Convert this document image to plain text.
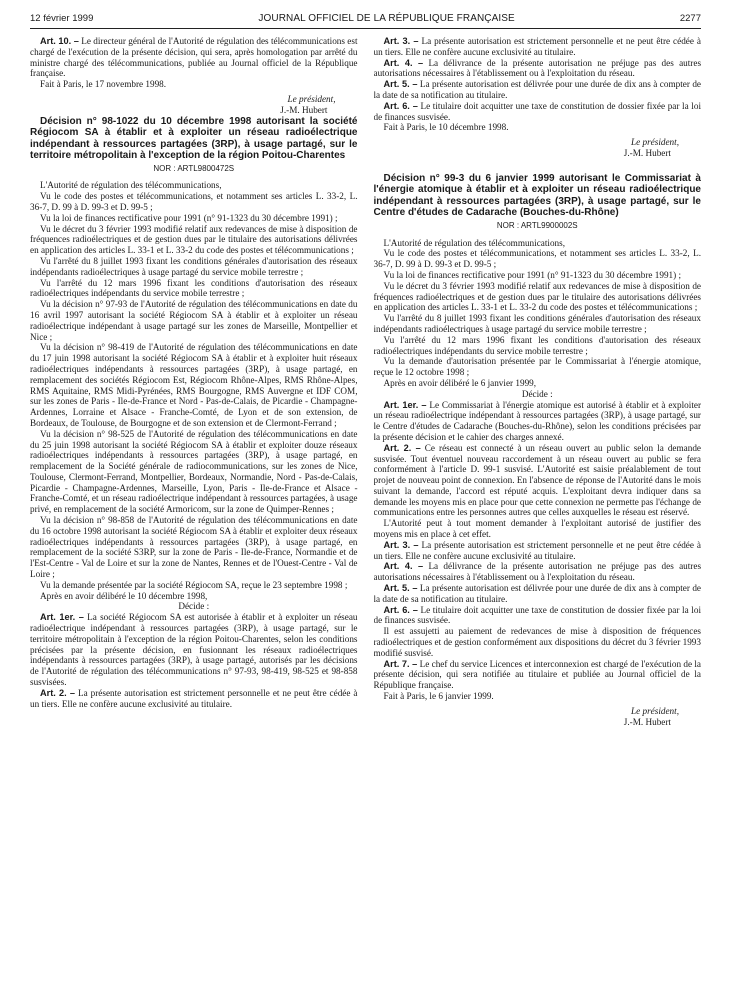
12 février 1999	JOURNAL OFFICIEL DE LA RÉPUBLIQUE FRANÇAISE	2277

Art. 10. – Le directeur général de l'Autorité de régulation des télécommunications est chargé de l'exécution de la présente décision, qui sera, après homologation par arrêté du ministre chargé des télécommunications, publiée au Journal officiel de la République française.

Fait à Paris, le 17 novembre 1998.

Le président,
J.-M. Hubert

Décision n° 98-1022 du 10 décembre 1998 autorisant la société Régiocom SA à établir et à exploiter un réseau radioélectrique indépendant à ressources partagées (3RP), à usage partagé, sur le territoire métropolitain à l'exception de la région Poitou-Charentes

NOR : ARTL9800472S

L'Autorité de régulation des télécommunications,

Vu le code des postes et télécommunications, et notamment ses articles L. 33-2, L. 36-7, D. 99 à D. 99-3 et D. 99-5 ;

Vu la loi de finances rectificative pour 1991 (n° 91-1323 du 30 décembre 1991) ;

Vu le décret du 3 février 1993 modifié relatif aux redevances de mise à disposition de fréquences radioélectriques et de gestion dues par le titulaire des autorisations délivrées en application des articles L. 33-1 et L. 33-2 du code des postes et télécommunications ;

Vu l'arrêté du 8 juillet 1993 fixant les conditions générales d'autorisation des réseaux indépendants radioélectriques à usage partagé du service mobile terrestre ;

Vu l'arrêté du 12 mars 1996 fixant les conditions d'autorisation des réseaux radioélectriques indépendants du service mobile terrestre ;

Vu la décision n° 97-93 de l'Autorité de régulation des télécommunications en date du 16 avril 1997 autorisant la société Régiocom SA à établir et à exploiter un réseau radioélectrique indépendant à usage partagé sur les zones de Marseille, Montpellier et Nice ;

Vu la décision n° 98-419 de l'Autorité de régulation des télécommunications en date du 17 juin 1998 autorisant la société Régiocom SA à établir et à exploiter huit réseaux radioélectriques indépendants à ressources partagées (3RP), à usage partagé, en remplacement des sociétés Régiocom Est, Régiocom Rhône-Alpes, RMS Rhône-Alpes, RMS Aquitaine, RMS Midi-Pyrénées, RMS Bourgogne, RMS Auvergne et IDF COM, sur les zones de Paris - Ile-de-France et Nord - Pas-de-Calais, de Picardie - Champagne-Ardennes, Lorraine et Alsace - Franche-Comté, de Lyon et de son extension, de Bordeaux, de Toulouse, de Bourgogne et de son extension et de Clermont-Ferrand ;

Vu la décision n° 98-525 de l'Autorité de régulation des télécommunications en date du 25 juin 1998 autorisant la société Régiocom SA à établir et exploiter douze réseaux radioélectriques indépendants à ressources partagées (3RP), à usage partagé, en remplacement de la Société générale de radiocommunications, sur les zones de Nice, Toulouse, Clermont-Ferrand, Montpellier, Bordeaux, Normandie, Nord - Pas-de-Calais, Picardie - Champagne-Ardennes, Marseille, Lyon, Paris - Ile-de-France et Alsace - Franche-Comté, et un réseau radioélectrique indépendant à ressources partagées, à usage privé, en remplacement de la société Armoricom, sur la zone de Quimper-Rennes ;

Vu la décision n° 98-858 de l'Autorité de régulation des télécommunications en date du 16 octobre 1998 autorisant la société Régiocom SA à établir et exploiter deux réseaux radioélectriques indépendants à ressources partagées (3RP), à usage partagé, en remplacement de la société S3RP, sur la zone de Paris - Ile-de-France, Normandie et de l'Est-Centre - Val de Loire et sur la zone de Nantes, Rennes et de l'Ouest-Centre - Val de Loire ;

Vu la demande présentée par la société Régiocom SA, reçue le 23 septembre 1998 ;

Après en avoir délibéré le 10 décembre 1998,

Décide :

Art. 1er. – La société Régiocom SA est autorisée à établir et à exploiter un réseau radioélectrique indépendant à ressources partagées (3RP), à usage partagé, sur le territoire métropolitain à l'exception de la région Poitou-Charentes, selon les conditions précisées par la présente décision, en fusionnant les réseaux radioélectriques indépendants à ressources partagées (3RP), à usage partagé, autorisés par les décisions de l'Autorité de régulation des télécommunications n° 97-93, 98-419, 98-525 et 98-858 susvisées.

Art. 2. – La présente autorisation est strictement personnelle et ne peut être cédée à un tiers. Elle ne confère aucune exclusivité au titulaire.

Art. 3. – La présente autorisation est strictement personnelle et ne peut être cédée à un tiers. Elle ne confère aucune exclusivité au titulaire.

Art. 4. – La délivrance de la présente autorisation ne préjuge pas des autres autorisations nécessaires à l'établissement ou à l'exploitation du réseau.

Art. 5. – La présente autorisation est délivrée pour une durée de dix ans à compter de la date de sa notification au titulaire.

Art. 6. – Le titulaire doit acquitter une taxe de constitution de dossier fixée par la loi de finances susvisée.

Fait à Paris, le 10 décembre 1998.

Le président,
J.-M. Hubert

Décision n° 99-3 du 6 janvier 1999 autorisant le Commissariat à l'énergie atomique à établir et à exploiter un réseau radioélectrique indépendant à ressources partagées (3RP), à usage partagé, sur le Centre d'études de Cadarache (Bouches-du-Rhône)

NOR : ARTL9900002S

L'Autorité de régulation des télécommunications,

Vu le code des postes et télécommunications, et notamment ses articles L. 33-2, L. 36-7, D. 99 à D. 99-3 et D. 99-5 ;

Vu la loi de finances rectificative pour 1991 (n° 91-1323 du 30 décembre 1991) ;

Vu le décret du 3 février 1993 modifié relatif aux redevances de mise à disposition de fréquences radioélectriques et de gestion dues par le titulaire des autorisations délivrées en application des articles L. 33-1 et L. 33-2 du code des postes et télécommunications ;

Vu l'arrêté du 8 juillet 1993 fixant les conditions générales d'autorisation des réseaux indépendants radioélectriques à usage partagé du service mobile terrestre ;

Vu l'arrêté du 12 mars 1996 fixant les conditions d'autorisation des réseaux radioélectriques indépendants du service mobile terrestre ;

Vu la demande d'autorisation présentée par le Commissariat à l'énergie atomique, reçue le 12 octobre 1998 ;

Après en avoir délibéré le 6 janvier 1999,

Décide :

Art. 1er. – Le Commissariat à l'énergie atomique est autorisé à établir et à exploiter un réseau radioélectrique indépendant à ressources partagées (3RP), à usage partagé, sur le Centre d'études de Cadarache (Bouches-du-Rhône), selon les conditions précisées par la présente décision et le cahier des charges annexé.

Art. 2. – Ce réseau est connecté à un réseau ouvert au public selon la demande susvisée. Tout éventuel nouveau raccordement à un réseau ouvert au public se fera conformément à l'article D. 99-1 susvisé. L'Autorité est saisie préalablement de tout projet de nouveau point de connexion. En l'absence de réponse de l'Autorité dans le mois suivant la demande, l'accord est réputé acquis. L'exploitant devra indiquer dans sa demande les moyens mis en place pour que cette connexion ne permette pas l'échange de communications entre les personnes autres que celles auxquelles le réseau est réservé.

L'Autorité peut à tout moment demander à l'exploitant autorisé de justifier des moyens mis en place à cet effet.

Art. 3. – La présente autorisation est strictement personnelle et ne peut être cédée à un tiers. Elle ne confère aucune exclusivité au titulaire.

Art. 4. – La délivrance de la présente autorisation ne préjuge pas des autres autorisations nécessaires à l'établissement ou à l'exploitation du réseau.

Art. 5. – La présente autorisation est délivrée pour une durée de dix ans à compter de la date de sa notification au titulaire.

Art. 6. – Le titulaire doit acquitter une taxe de constitution de dossier fixée par la loi de finances susvisée.

Il est assujetti au paiement de redevances de mise à disposition de fréquences radioélectriques et de gestion conformément aux dispositions du décret du 3 février 1993 modifié susvisé.

Art. 7. – Le chef du service Licences et interconnexion est chargé de l'exécution de la présente décision, qui sera notifiée au titulaire et publiée au Journal officiel de la République française.

Fait à Paris, le 6 janvier 1999.

Le président,
J.-M. Hubert
